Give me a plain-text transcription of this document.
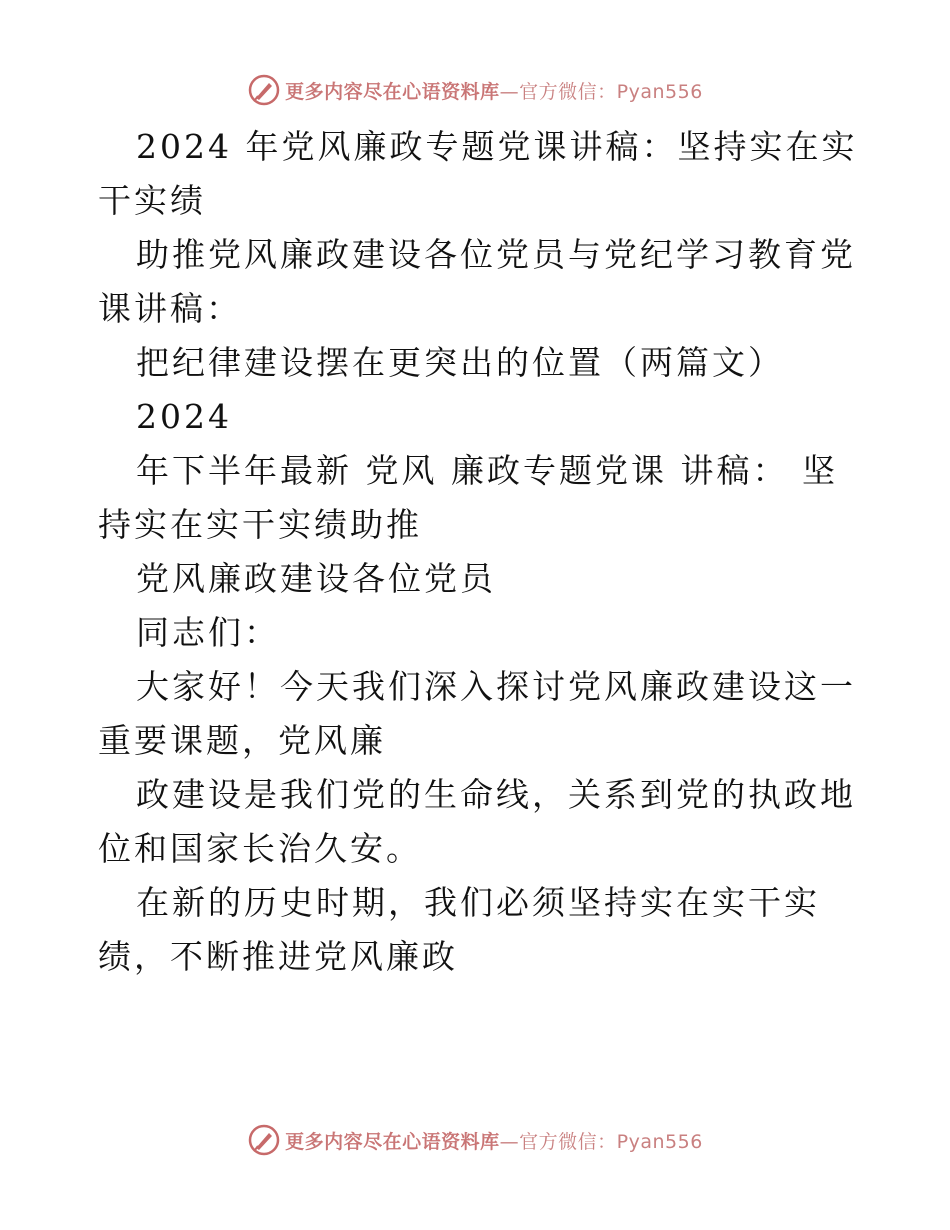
更多内容尽在心语资料库—官方微信：Pyan556

2024 年党风廉政专题党课讲稿：坚持实在实干实绩

助推党风廉政建设各位党员与党纪学习教育党课讲稿：

把纪律建设摆在更突出的位置（两篇文）

2024

年下半年最新 党风 廉政专题党课 讲稿： 坚持实在实干实绩助推

党风廉政建设各位党员

同志们：

大家好！今天我们深入探讨党风廉政建设这一重要课题，党风廉

政建设是我们党的生命线，关系到党的执政地位和国家长治久安。

在新的历史时期，我们必须坚持实在实干实绩，不断推进党风廉政

更多内容尽在心语资料库—官方微信：Pyan556
